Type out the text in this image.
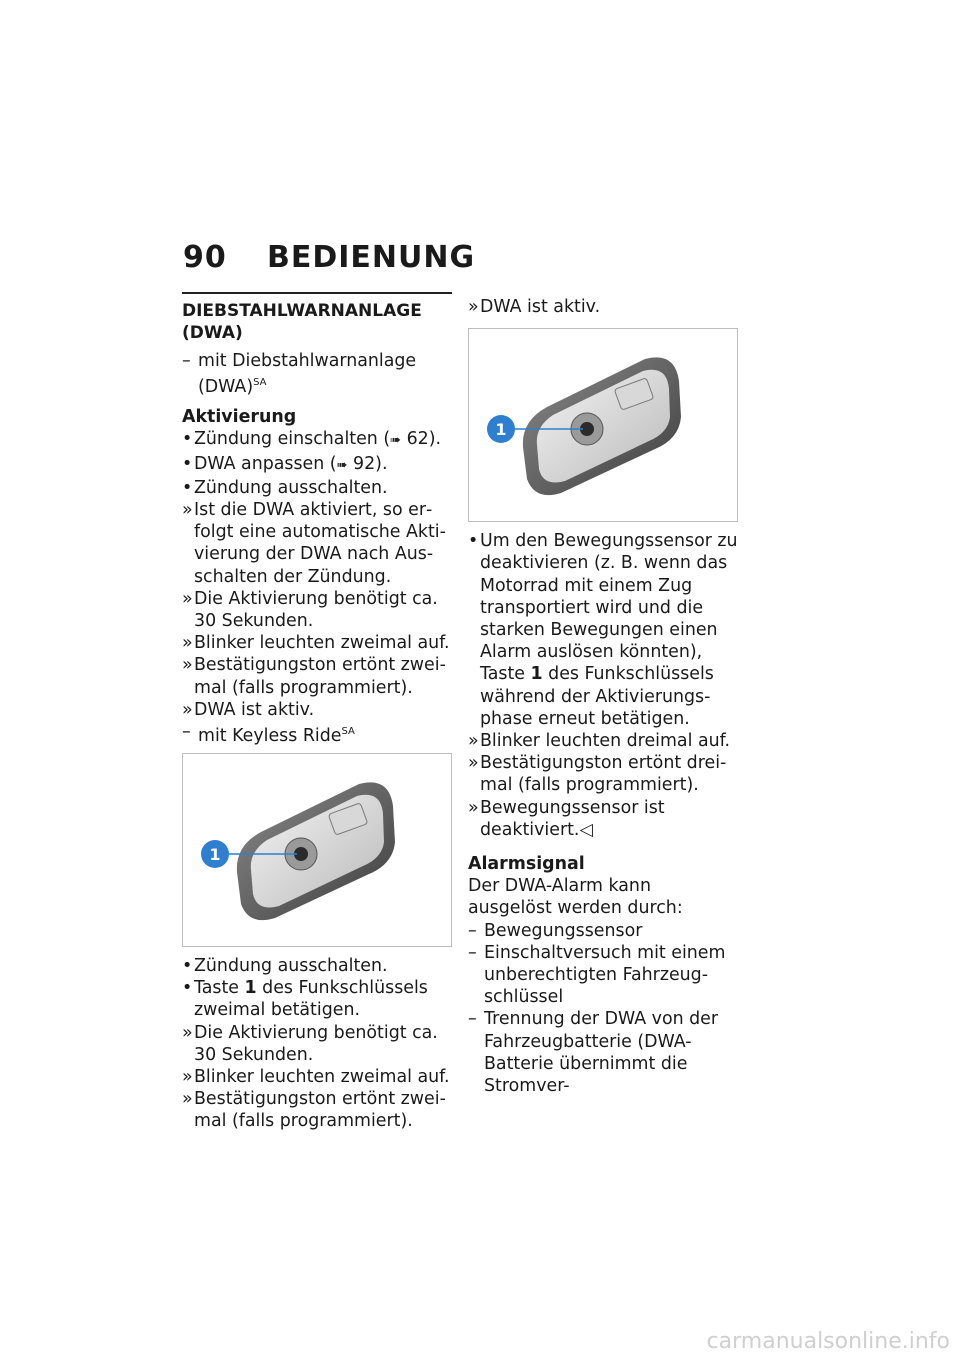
90 BEDIENUNG
DIEBSTAHLWARNANLAGE (DWA)
– mit Diebstahlwarnanlage (DWA)$^{SA}$
Aktivierung
• Zündung einschalten (➠ 62).
• DWA anpassen (➠ 92).
• Zündung ausschalten.
» Ist die DWA aktiviert, so erfolgt eine automatische Aktivierung der DWA nach Ausschalten der Zündung.
» Die Aktivierung benötigt ca. 30 Sekunden.
» Blinker leuchten zweimal auf.
» Bestätigungston ertönt zweimal (falls programmiert).
» DWA ist aktiv.
– mit Keyless Ride$^{SA}$
1
• Zündung ausschalten.
• Taste 1 des Funkschlüssels zweimal betätigen.
» Die Aktivierung benötigt ca. 30 Sekunden.
» Blinker leuchten zweimal auf.
» Bestätigungston ertönt zweimal (falls programmiert).
» DWA ist aktiv.
1
• Um den Bewegungssensor zu deaktivieren (z. B. wenn das Motorrad mit einem Zug transportiert wird und die starken Bewegungen einen Alarm auslösen könnten), Taste 1 des Funkschlüssels während der Aktivierungsphase erneut betätigen.
» Blinker leuchten dreimal auf.
» Bestätigungston ertönt dreimal (falls programmiert).
» Bewegungssensor ist deaktiviert.◁
Alarmsignal
Der DWA-Alarm kann ausgelöst werden durch:
– Bewegungssensor
– Einschaltversuch mit einem unberechtigten Fahrzeugschlüssel
– Trennung der DWA von der Fahrzeugbatterie (DWA-Batterie übernimmt die Stromver-
carmanualsonline.info
